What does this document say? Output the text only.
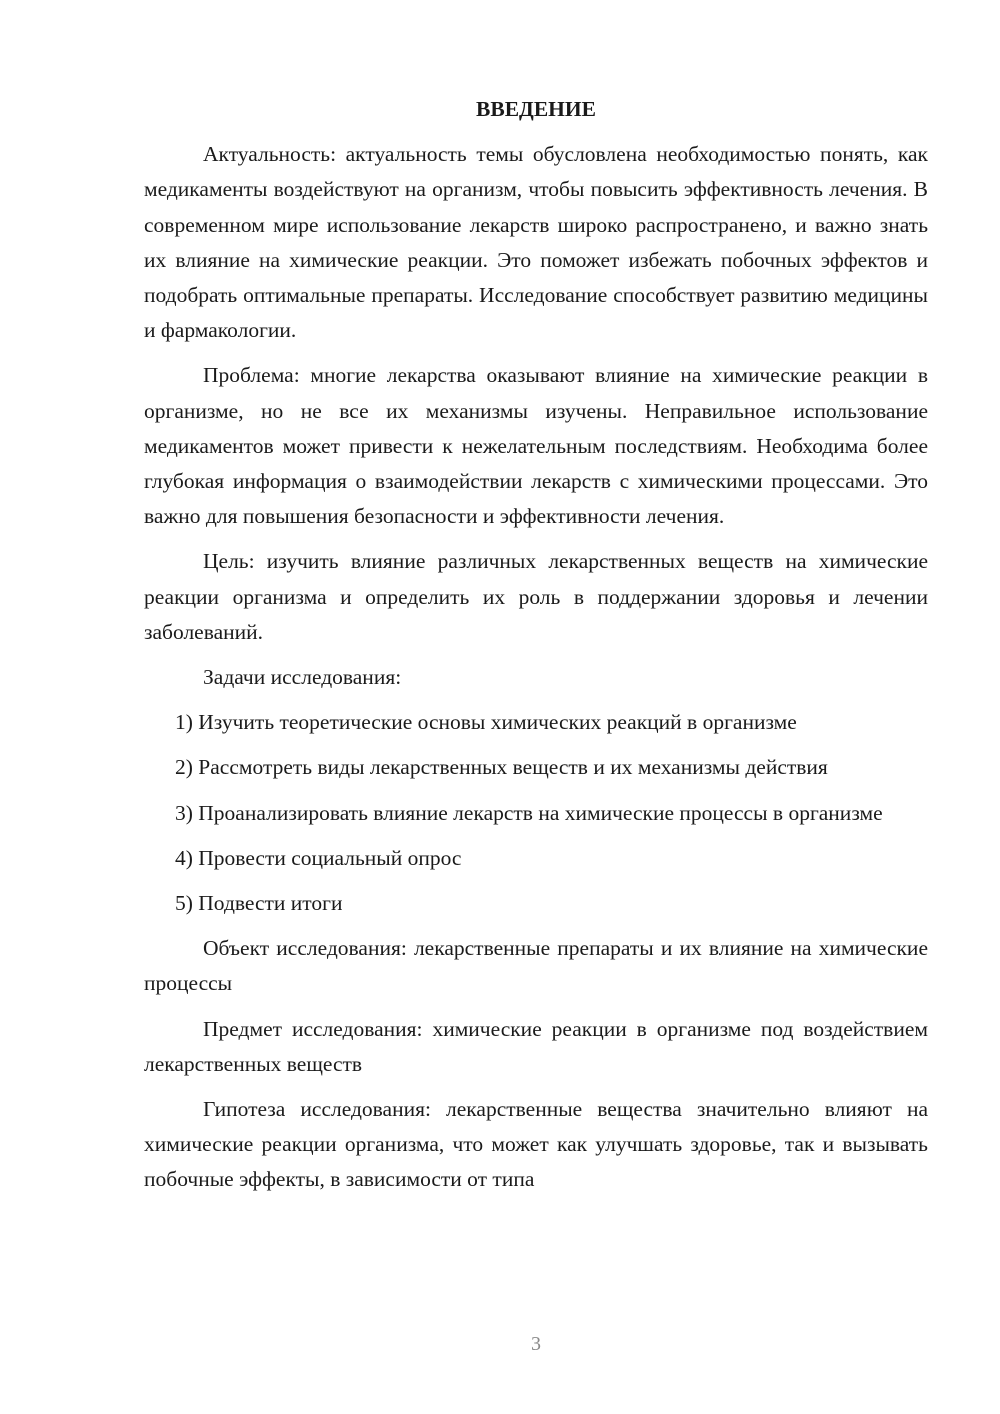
ВВЕДЕНИЕ

Актуальность: актуальность темы обусловлена необходимостью понять, как медикаменты воздействуют на организм, чтобы повысить эффективность лечения. В современном мире использование лекарств широко распространено, и важно знать их влияние на химические реакции. Это поможет избежать побочных эффектов и подобрать оптимальные препараты. Исследование способствует развитию медицины и фармакологии.

Проблема: многие лекарства оказывают влияние на химические реакции в организме, но не все их механизмы изучены. Неправильное использование медикаментов может привести к нежелательным последствиям. Необходима более глубокая информация о взаимодействии лекарств с химическими процессами. Это важно для повышения безопасности и эффективности лечения.

Цель: изучить влияние различных лекарственных веществ на химические реакции организма и определить их роль в поддержании здоровья и лечении заболеваний.

Задачи исследования:

1) Изучить теоретические основы химических реакций в организме

2) Рассмотреть виды лекарственных веществ и их механизмы действия

3) Проанализировать влияние лекарств на химические процессы в организме

4) Провести социальный опрос

5) Подвести итоги

Объект исследования: лекарственные препараты и их влияние на химические процессы

Предмет исследования: химические реакции в организме под воздействием лекарственных веществ

Гипотеза исследования: лекарственные вещества значительно влияют на химические реакции организма, что может как улучшать здоровье, так и вызывать побочные эффекты, в зависимости от типа

3
